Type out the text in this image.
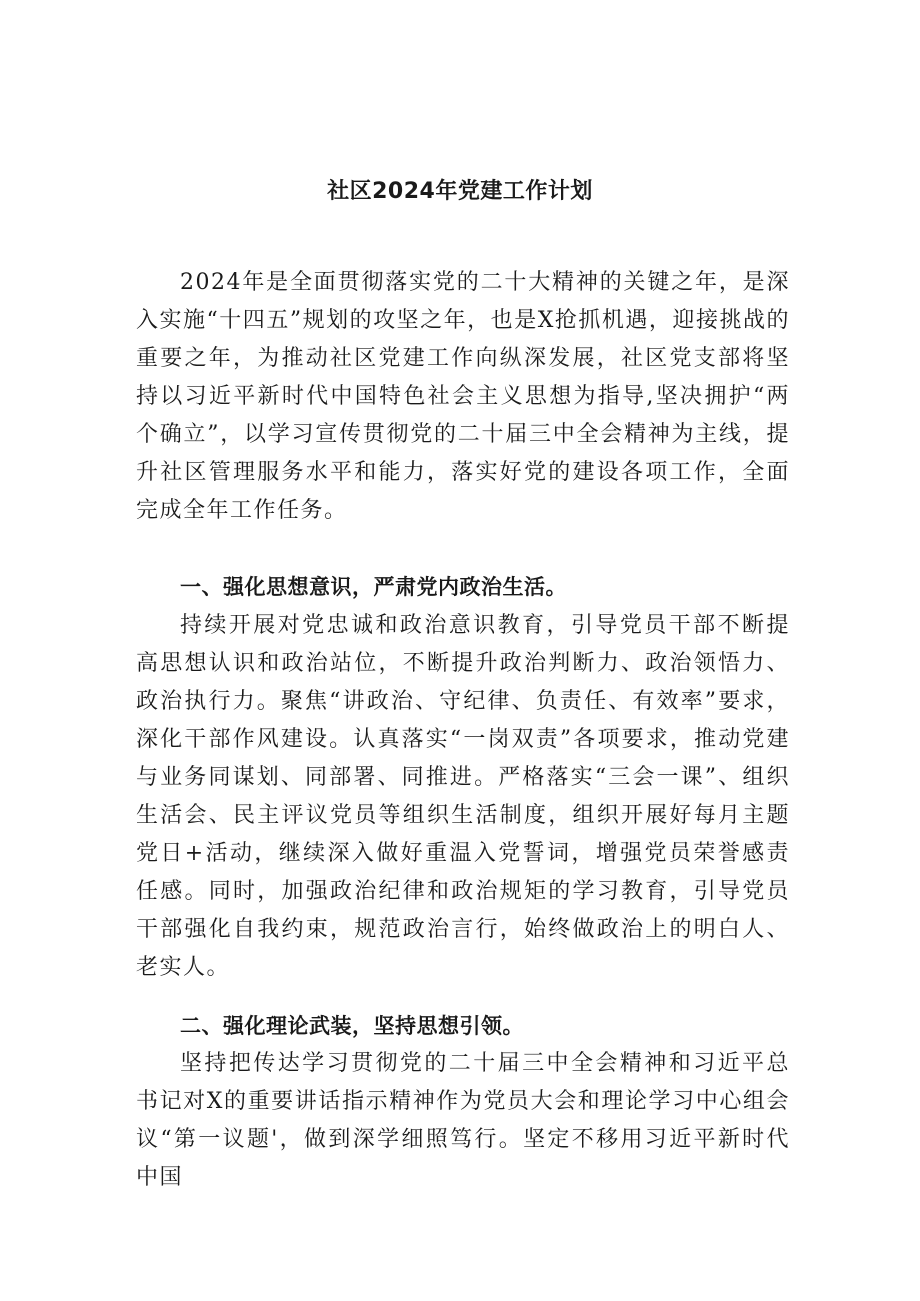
社区2024年党建工作计划

2024年是全面贯彻落实党的二十大精神的关键之年，是深入实施“十四五”规划的攻坚之年，也是X抢抓机遇，迎接挑战的重要之年，为推动社区党建工作向纵深发展，社区党支部将坚持以习近平新时代中国特色社会主义思想为指导,坚决拥护“两个确立”，以学习宣传贯彻党的二十届三中全会精神为主线，提升社区管理服务水平和能力，落实好党的建设各项工作，全面完成全年工作任务。

一、强化思想意识，严肃党内政治生活。

持续开展对党忠诚和政治意识教育，引导党员干部不断提高思想认识和政治站位，不断提升政治判断力、政治领悟力、政治执行力。聚焦“讲政治、守纪律、负责任、有效率”要求，深化干部作风建设。认真落实“一岗双责”各项要求，推动党建与业务同谋划、同部署、同推进。严格落实“三会一课”、组织生活会、民主评议党员等组织生活制度，组织开展好每月主题党日+活动，继续深入做好重温入党誓词，增强党员荣誉感责任感。同时，加强政治纪律和政治规矩的学习教育，引导党员干部强化自我约束，规范政治言行，始终做政治上的明白人、老实人。

二、强化理论武装，坚持思想引领。

坚持把传达学习贯彻党的二十届三中全会精神和习近平总书记对X的重要讲话指示精神作为党员大会和理论学习中心组会议“第一议题'，做到深学细照笃行。坚定不移用习近平新时代中国
